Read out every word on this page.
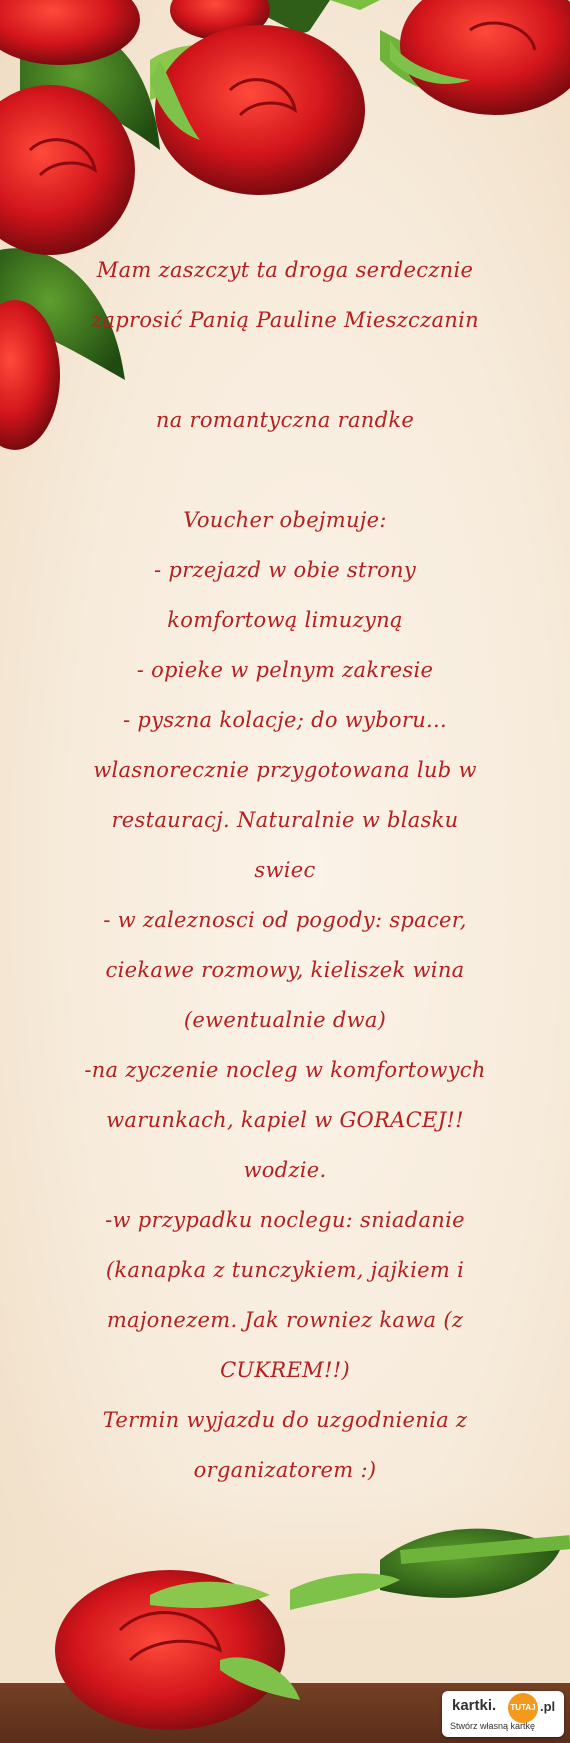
Mam zaszczyt ta droga serdecznie
zaprosić Panią Pauline Mieszczanin

na romantyczna randke

Voucher obejmuje:
- przejazd w obie strony
komfortową limuzyną
- opieke w pelnym zakresie
- pyszna kolacje; do wyboru...
wlasnorecznie przygotowana lub w
restauracj. Naturalnie w blasku
swiec
- w zaleznosci od pogody: spacer,
ciekawe rozmowy, kieliszek wina
(ewentualnie dwa)
-na zyczenie nocleg w komfortowych
warunkach, kapiel w GORACEJ!!
wodzie.
-w przypadku noclegu: sniadanie
(kanapka z tunczykiem, jajkiem i
majonezem. Jak rowniez kawa (z
CUKREM!!)
Termin wyjazdu do uzgodnienia z
organizatorem :)
kartki.	TUTAJ .pl
Stwórz własną kartkę
